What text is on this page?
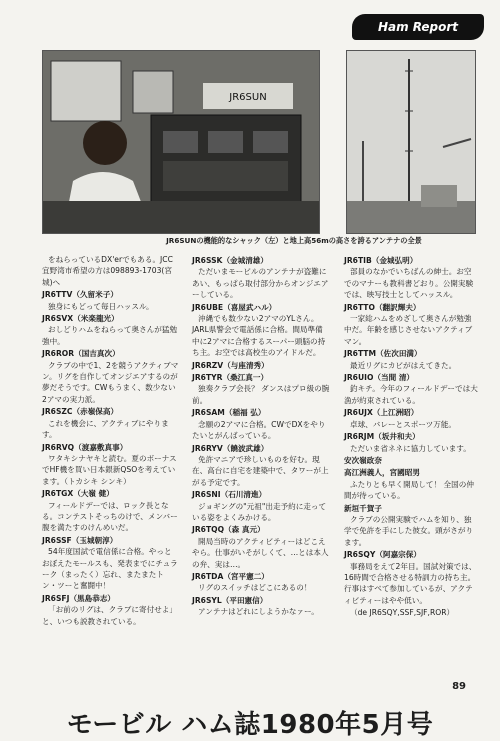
Ham Report
JR6SUN
JR6SUNの機能的なシャック（左）と地上高56mの高さを誇るアンテナの全景
をねらっているDX'erでもある。JCC宜野湾市希望の方は098893-1703(宮城)へ
JR6TTV（久留米子）
独身にもどって毎日ハッスル。
JR6SVX（米楽龍光）
おしどりハムをねらって奥さんが猛勉強中。
JR6ROR（国吉真次）
クラブの中で1、2を競うアクティブマン。リグを自作してオンジエアするのが夢だそうです。CWもうまく、数少ない2アマの実力派。
JR6SZC（赤嶺保高）
これを機会に、アクティブにやります。
JR6RVQ（渡嘉敷真事）
ワタキシナヤキと読む。夏のボーナスでHF機を買い日本銀新QSOを考えています。（トカシキ シンキ）
JR6TGX（大嶺 健）
フィールドデーでは、ロック長とな る。コンテストそっちのけで、メンバー腹を満たすのけんめいだ。
JR6SSF（玉城朝淳）
54年度国試で電信係に合格。やっとおぼえたモールスも、発表までにチュラーク（まったく）忘れ、またまたトン・ツーと奮闘中！
JR6SFJ（黒島恭志）
「お前のリグは、クラブに寄付せよ」と、いつも説教されている。
JR6SSK（金城清雄）
ただいまモービルのアンテナが盗難にあい、もっぱら取付部分からオンジエアーしている。
JR6UBE（喜屋武ハル）
沖縄でも数少ない2アマのYLさん。JARL県警会で電話係に合格。間局準備中に2アマに合格するスーパー頭脳の持ち主。お空では高校生のアイドルだ。
JR6RZV（与座清秀）
JR6TYR（桑江真一）
独奏クラブ会長？ ダンスはプロ級の腕前。
JR6SAM（稲福 弘）
念願の2アマに合格。CWでDXをやりたいとがんばっている。
JR6RYV（饒波武雄）
免許マニアで珍しいものを好む。現在、高台に自宅を建築中で、タワーが上がる予定です。
JR6SNI（石川清進）
ジョギングの"元祖"出走予約に走っている姿をよくみかける。
JR6TQQ（森 真元）
開局当時のアクティビティーはどこえやら。仕事がいそがしくて、…とは本人の弁、実は…。
JR6TDA（宮平憲二）
リグのスイッチはどこにあるの！
JR6SYL（平田憲信）
アンテナはどれにしようかなァー。
JR6TIB（金城弘明）
部員のなかでいちばんの紳士。お空でのマナーも教科書どおり。公開実験では、映写技士としてハッスル。
JR6TTO（翻訳輝夫）
一家総ハムをめざして奥さんが勉強中だ。年齢を感じさせないアクティブマン。
JR6TTM（佐次田満）
最近リグにカビがはえてきた。
JR6UIO（当間 清）
釣キチ。今年のフィールドデーでは大漁が約束されている。
JR6UJX（上江洲昭）
卓球、バレーとスポーツ万能。
JR6RJM（坂井和夫）
ただいま省ネネに協力しています。
安次嶺政奈
高江洲義人，宮國昭男
ふたりとも早く開局して！ 全国の仲間が待っている。
新垣千賀子
クラブの公開実験でハムを知り、独学で免許を手にした彼女。頭がさがります。
JR6SQY（阿嘉宗保）
事務局をえて2年目。国試対策では、16時間で合格させる特訓力の持ち主。行事はすべて参加しているが、アクティビティーはやや低い。
（de JR6SQY,SSF,SJF,ROR）
89
モービル ハム誌1980年5月号
